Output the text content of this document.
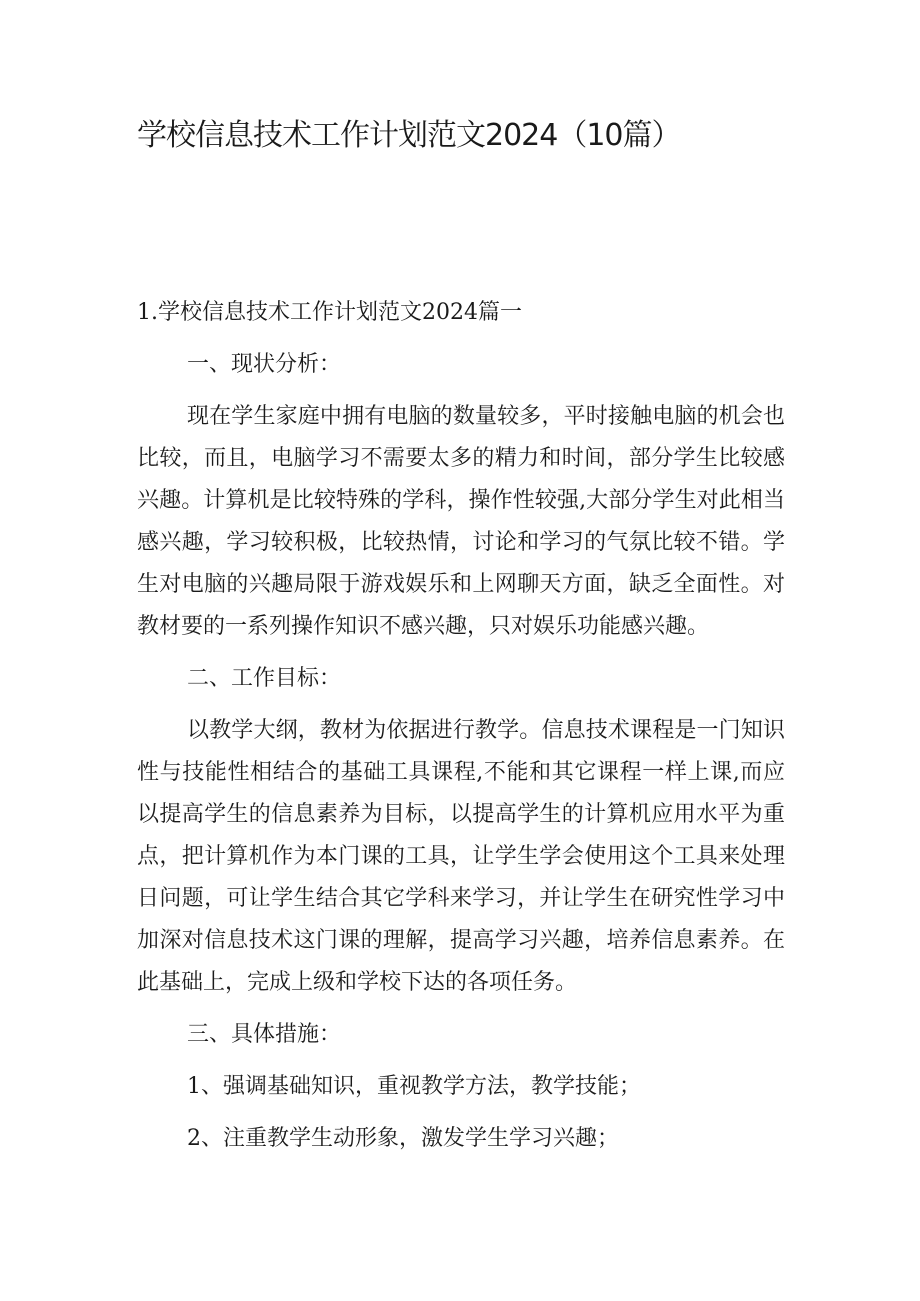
学校信息技术工作计划范文2024（10篇）

1.学校信息技术工作计划范文2024篇一

一、现状分析：

现在学生家庭中拥有电脑的数量较多，平时接触电脑的机会也比较，而且，电脑学习不需要太多的精力和时间，部分学生比较感兴趣。计算机是比较特殊的学科，操作性较强,大部分学生对此相当感兴趣，学习较积极，比较热情，讨论和学习的气氛比较不错。学生对电脑的兴趣局限于游戏娱乐和上网聊天方面，缺乏全面性。对教材要的一系列操作知识不感兴趣，只对娱乐功能感兴趣。

二、工作目标：

以教学大纲，教材为依据进行教学。信息技术课程是一门知识性与技能性相结合的基础工具课程,不能和其它课程一样上课,而应以提高学生的信息素养为目标，以提高学生的计算机应用水平为重点，把计算机作为本门课的工具，让学生学会使用这个工具来处理日问题，可让学生结合其它学科来学习，并让学生在研究性学习中加深对信息技术这门课的理解，提高学习兴趣，培养信息素养。在此基础上，完成上级和学校下达的各项任务。

三、具体措施：

1、强调基础知识，重视教学方法，教学技能；

2、注重教学生动形象，激发学生学习兴趣；
